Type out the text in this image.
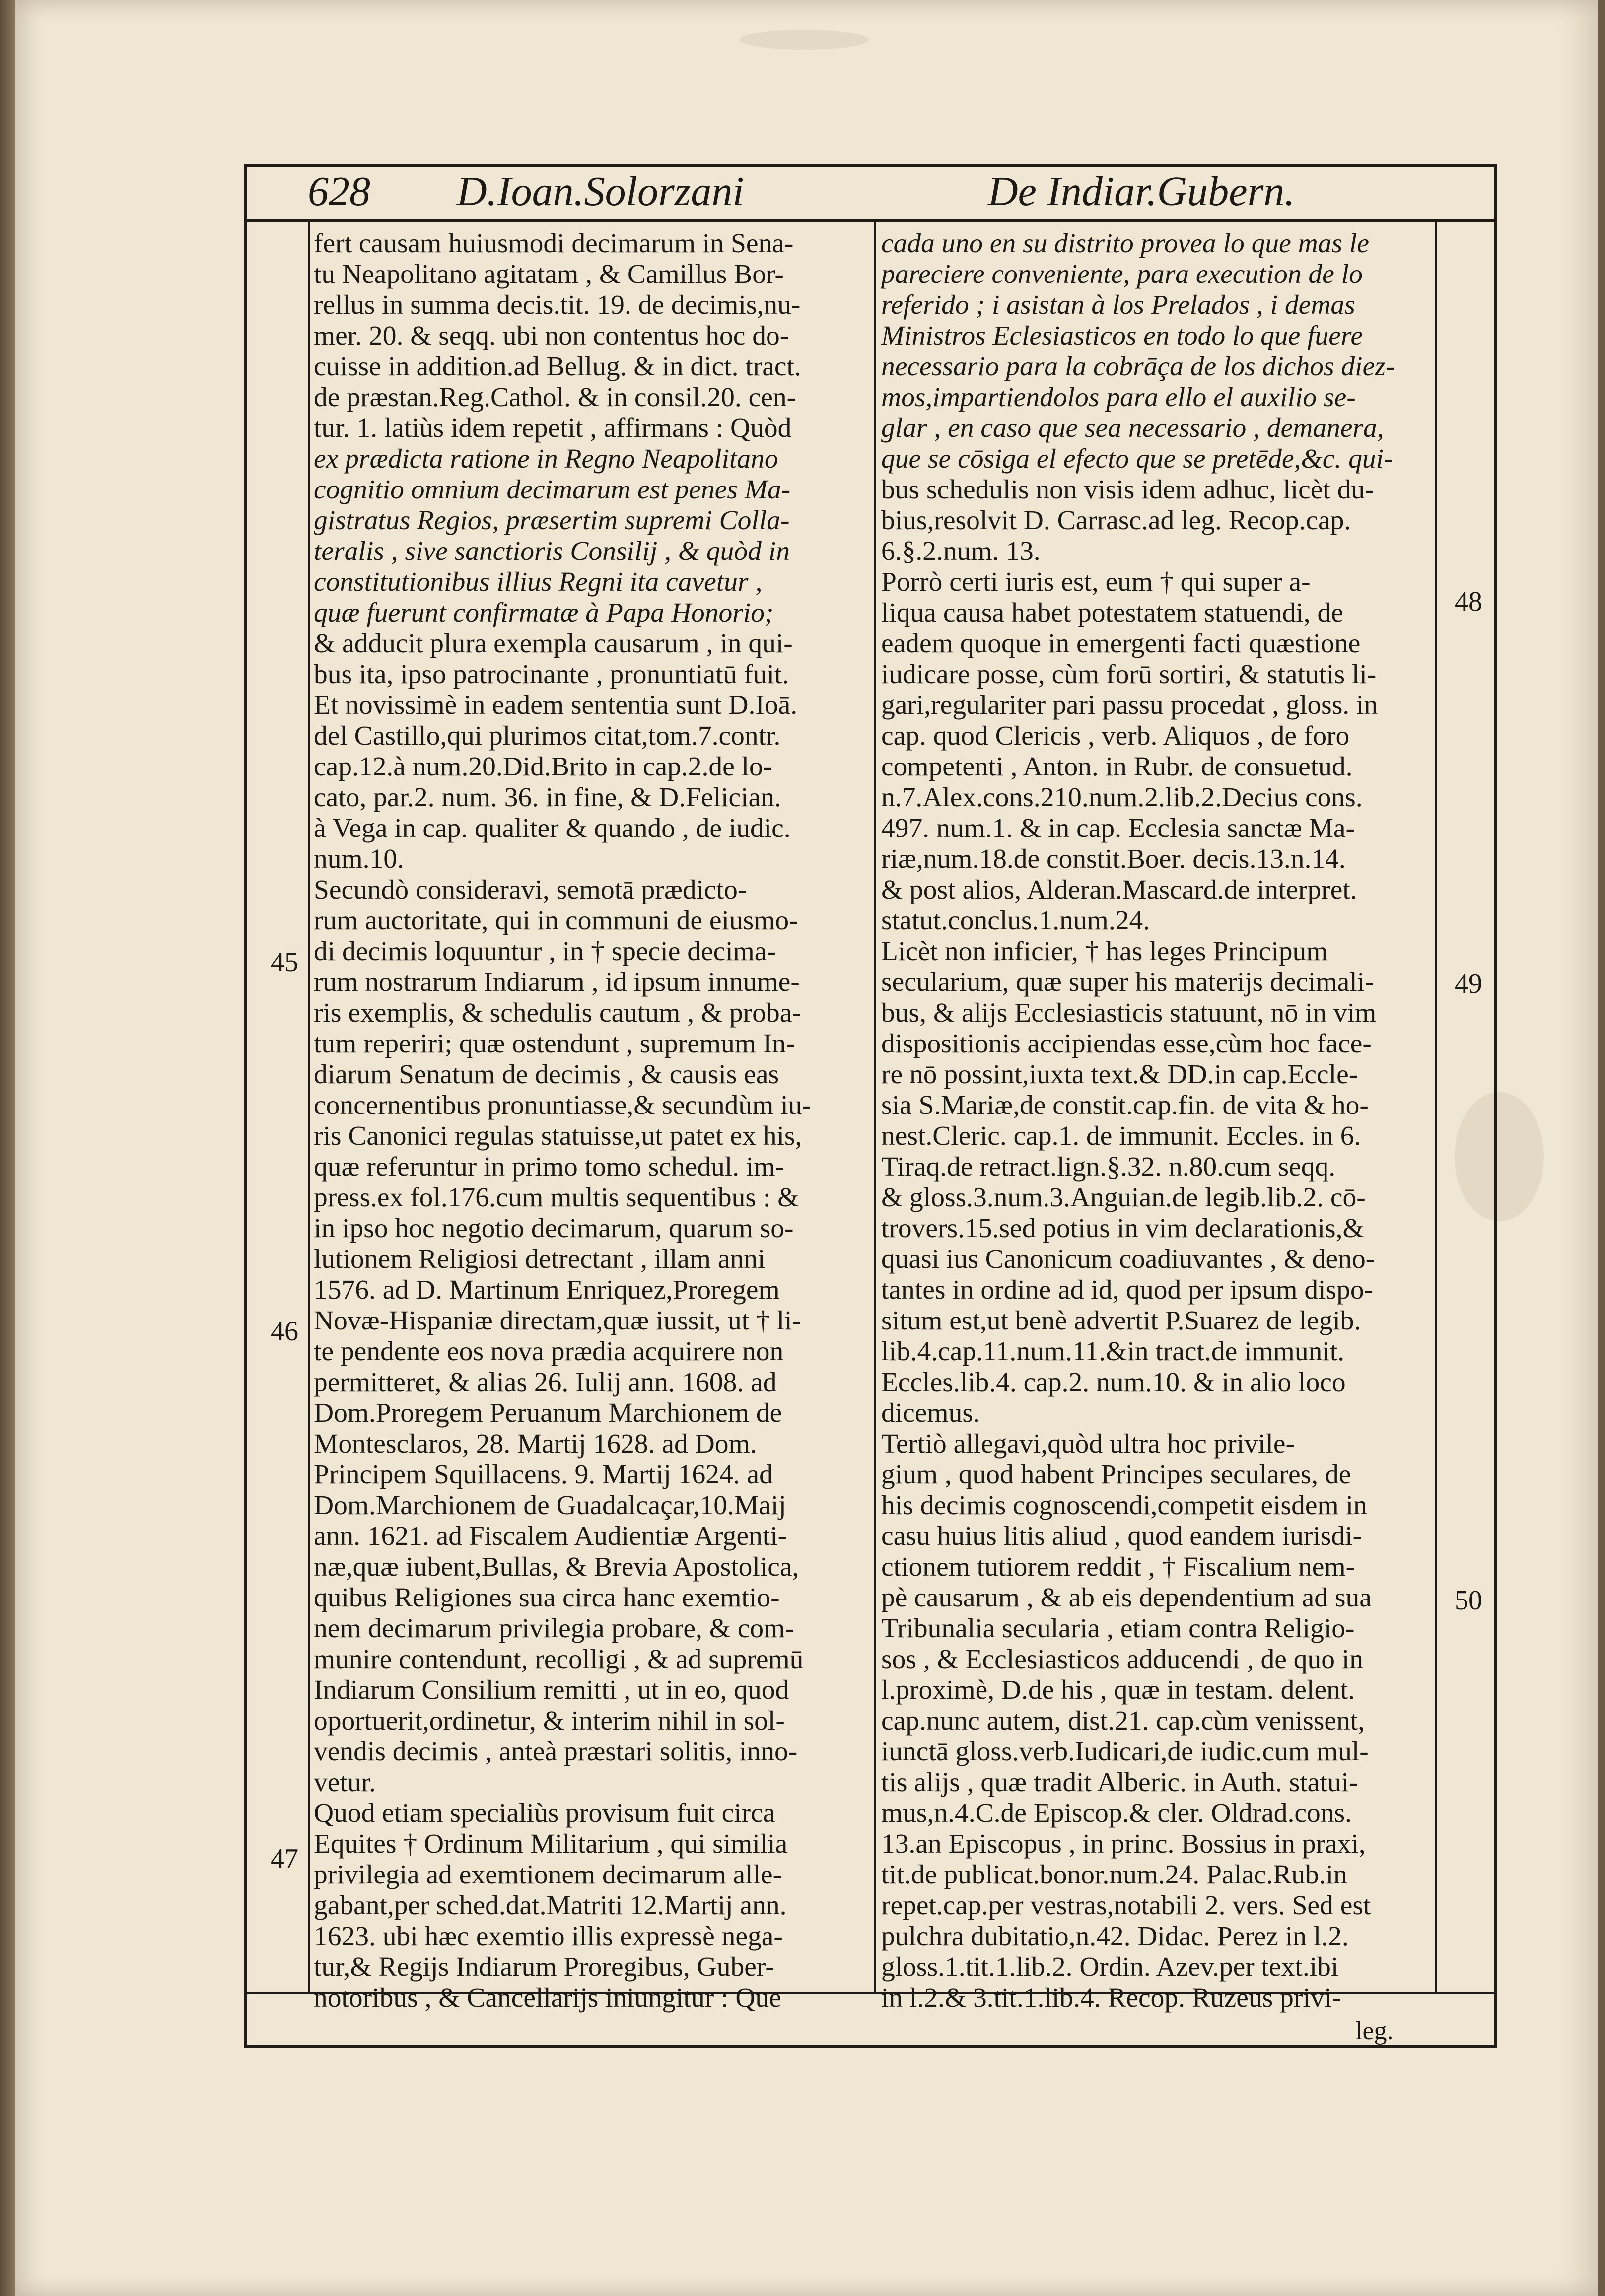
628 D.Ioan.Solorzani	De Indiar.Gubern.
fert causam huiusmodi decimarum in Sena-
tu Neapolitano agitatam , & Camillus Bor-
rellus in summa decis.tit. 19. de decimis,nu-
mer. 20. & seqq. ubi non contentus hoc do-
cuisse in addition.ad Bellug. & in dict. tract.
de præstan.Reg.Cathol. & in consil.20. cen-
tur. 1. latiùs idem repetit , affirmans : Quòd
ex prædicta ratione in Regno Neapolitano
cognitio omnium decimarum est penes Ma-
gistratus Regios, præsertim supremi Colla-
teralis , sive sanctioris Consilij , & quòd in
constitutionibus illius Regni ita cavetur ,
quæ fuerunt confirmatæ à Papa Honorio;
& adducit plura exempla causarum , in qui-
bus ita, ipso patrocinante , pronuntiatū fuit.
Et novissimè in eadem sententia sunt D.Ioā.
del Castillo,qui plurimos citat,tom.7.contr.
cap.12.à num.20.Did.Brito in cap.2.de lo-
cato, par.2. num. 36. in fine, & D.Felician.
à Vega in cap. qualiter & quando , de iudic.
num.10.
Secundò consideravi, semotā prædicto-
rum auctoritate, qui in communi de eiusmo-
di decimis loquuntur , in † specie decima-
rum nostrarum Indiarum , id ipsum innume-
ris exemplis, & schedulis cautum , & proba-
tum reperiri; quæ ostendunt , supremum In-
diarum Senatum de decimis , & causis eas
concernentibus pronuntiasse,& secundùm iu-
ris Canonici regulas statuisse,ut patet ex his,
quæ referuntur in primo tomo schedul. im-
press.ex fol.176.cum multis sequentibus : &
in ipso hoc negotio decimarum, quarum so-
lutionem Religiosi detrectant , illam anni
1576. ad D. Martinum Enriquez,Proregem
Novæ-Hispaniæ directam,quæ iussit, ut † li-
te pendente eos nova prædia acquirere non
permitteret, & alias 26. Iulij ann. 1608. ad
Dom.Proregem Peruanum Marchionem de
Montesclaros, 28. Martij 1628. ad Dom.
Principem Squillacens. 9. Martij 1624. ad
Dom.Marchionem de Guadalcaçar,10.Maij
ann. 1621. ad Fiscalem Audientiæ Argenti-
næ,quæ iubent,Bullas, & Brevia Apostolica,
quibus Religiones sua circa hanc exemtio-
nem decimarum privilegia probare, & com-
munire contendunt, recolligi , & ad supremū
Indiarum Consilium remitti , ut in eo, quod
oportuerit,ordinetur, & interim nihil in sol-
vendis decimis , anteà præstari solitis, inno-
vetur.
Quod etiam specialiùs provisum fuit circa
Equites † Ordinum Militarium , qui similia
privilegia ad exemtionem decimarum alle-
gabant,per sched.dat.Matriti 12.Martij ann.
1623. ubi hæc exemtio illis expressè nega-
tur,& Regijs Indiarum Proregibus, Guber-
notoribus , & Cancellarijs iniungitur : Que
cada uno en su distrito provea lo que mas le
pareciere conveniente, para execution de lo
referido ; i asistan à los Prelados , i demas
Ministros Eclesiasticos en todo lo que fuere
necessario para la cobrāça de los dichos diez-
mos,impartiendolos para ello el auxilio se-
glar , en caso que sea necessario , demanera,
que se cōsiga el efecto que se pretēde,&c. qui-
bus schedulis non visis idem adhuc, licèt du-
bius,resolvit D. Carrasc.ad leg. Recop.cap.
6.§.2.num. 13.
Porrò certi iuris est, eum † qui super a-
liqua causa habet potestatem statuendi, de
eadem quoque in emergenti facti quæstione
iudicare posse, cùm forū sortiri, & statutis li-
gari,regulariter pari passu procedat , gloss. in
cap. quod Clericis , verb. Aliquos , de foro
competenti , Anton. in Rubr. de consuetud.
n.7.Alex.cons.210.num.2.lib.2.Decius cons.
497. num.1. & in cap. Ecclesia sanctæ Ma-
riæ,num.18.de constit.Boer. decis.13.n.14.
& post alios, Alderan.Mascard.de interpret.
statut.conclus.1.num.24.
Licèt non inficier, † has leges Principum
secularium, quæ super his materijs decimali-
bus, & alijs Ecclesiasticis statuunt, nō in vim
dispositionis accipiendas esse,cùm hoc face-
re nō possint,iuxta text.& DD.in cap.Eccle-
sia S.Mariæ,de constit.cap.fin. de vita & ho-
nest.Cleric. cap.1. de immunit. Eccles. in 6.
Tiraq.de retract.lign.§.32. n.80.cum seqq.
& gloss.3.num.3.Anguian.de legib.lib.2. cō-
trovers.15.sed potius in vim declarationis,&
quasi ius Canonicum coadiuvantes , & deno-
tantes in ordine ad id, quod per ipsum dispo-
situm est,ut benè advertit P.Suarez de legib.
lib.4.cap.11.num.11.&in tract.de immunit.
Eccles.lib.4. cap.2. num.10. & in alio loco
dicemus.
Tertiò allegavi,quòd ultra hoc privile-
gium , quod habent Principes seculares, de
his decimis cognoscendi,competit eisdem in
casu huius litis aliud , quod eandem iurisdi-
ctionem tutiorem reddit , † Fiscalium nem-
pè causarum , & ab eis dependentium ad sua
Tribunalia secularia , etiam contra Religio-
sos , & Ecclesiasticos adducendi , de quo in
l.proximè, D.de his , quæ in testam. delent.
cap.nunc autem, dist.21. cap.cùm venissent,
iunctā gloss.verb.Iudicari,de iudic.cum mul-
tis alijs , quæ tradit Alberic. in Auth. statui-
mus,n.4.C.de Episcop.& cler. Oldrad.cons.
13.an Episcopus , in princ. Bossius in praxi,
tit.de publicat.bonor.num.24. Palac.Rub.in
repet.cap.per vestras,notabili 2. vers. Sed est
pulchra dubitatio,n.42. Didac. Perez in l.2.
gloss.1.tit.1.lib.2. Ordin. Azev.per text.ibi
in l.2.& 3.tit.1.lib.4. Recop. Ruzeus privi-
45
46
47
48
49
50
leg.
